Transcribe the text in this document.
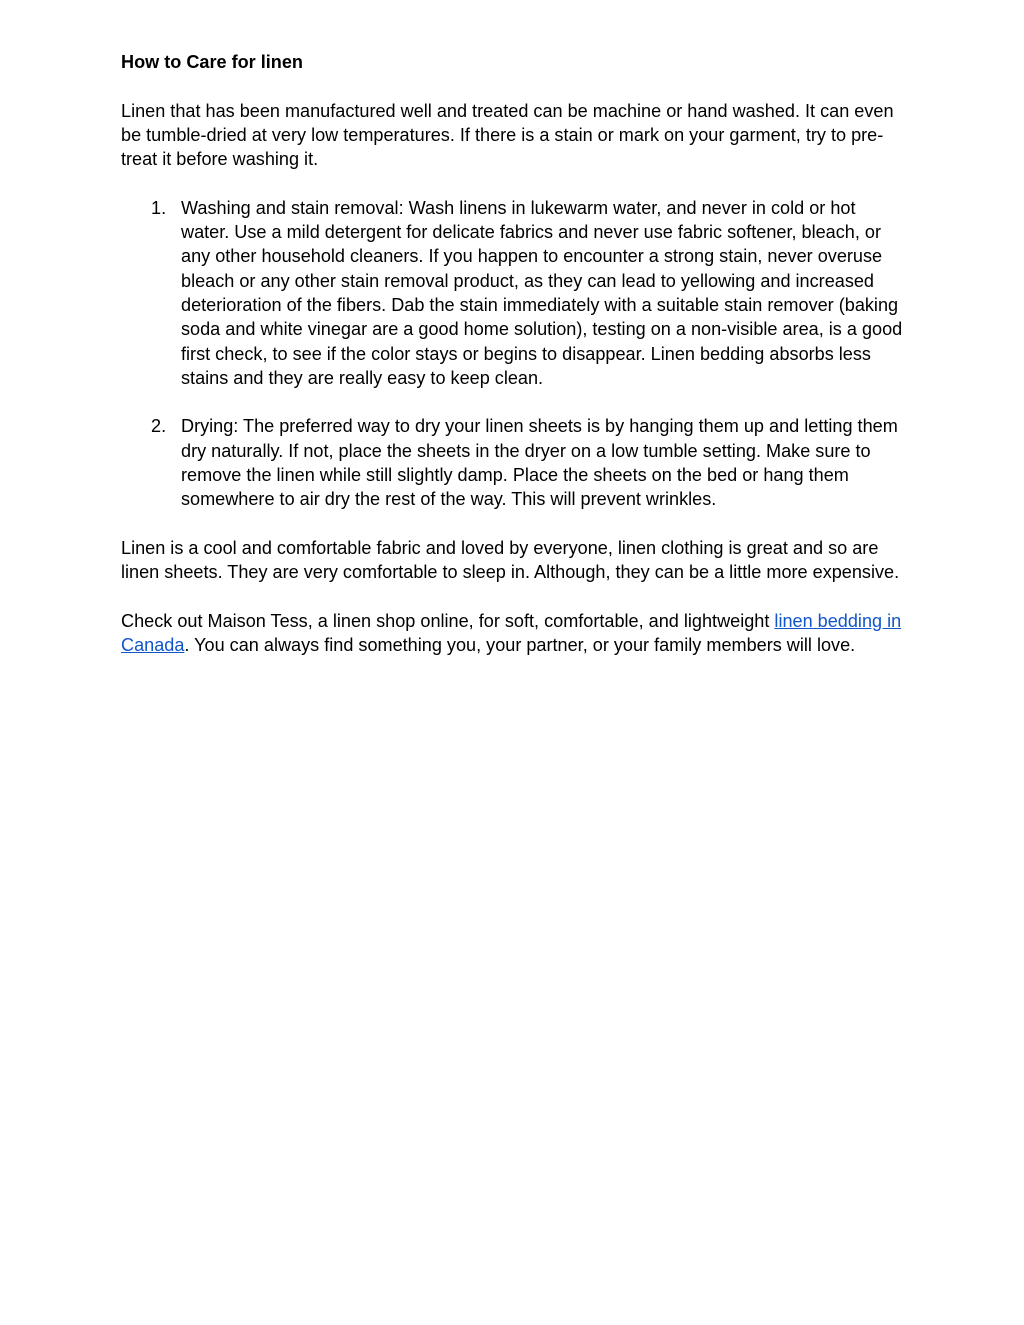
How to Care for linen
Linen that has been manufactured well and treated can be machine or hand washed. It can even be tumble-dried at very low temperatures. If there is a stain or mark on your garment, try to pre-treat it before washing it.
1. Washing and stain removal: Wash linens in lukewarm water, and never in cold or hot water. Use a mild detergent for delicate fabrics and never use fabric softener, bleach, or any other household cleaners. If you happen to encounter a strong stain, never overuse bleach or any other stain removal product, as they can lead to yellowing and increased deterioration of the fibers. Dab the stain immediately with a suitable stain remover (baking soda and white vinegar are a good home solution), testing on a non-visible area, is a good first check, to see if the color stays or begins to disappear. Linen bedding absorbs less stains and they are really easy to keep clean.
2. Drying: The preferred way to dry your linen sheets is by hanging them up and letting them dry naturally. If not, place the sheets in the dryer on a low tumble setting. Make sure to remove the linen while still slightly damp. Place the sheets on the bed or hang them somewhere to air dry the rest of the way. This will prevent wrinkles.
Linen is a cool and comfortable fabric and loved by everyone, linen clothing is great and so are linen sheets. They are very comfortable to sleep in. Although, they can be a little more expensive.
Check out Maison Tess, a linen shop online, for soft, comfortable, and lightweight linen bedding in Canada. You can always find something you, your partner, or your family members will love.
